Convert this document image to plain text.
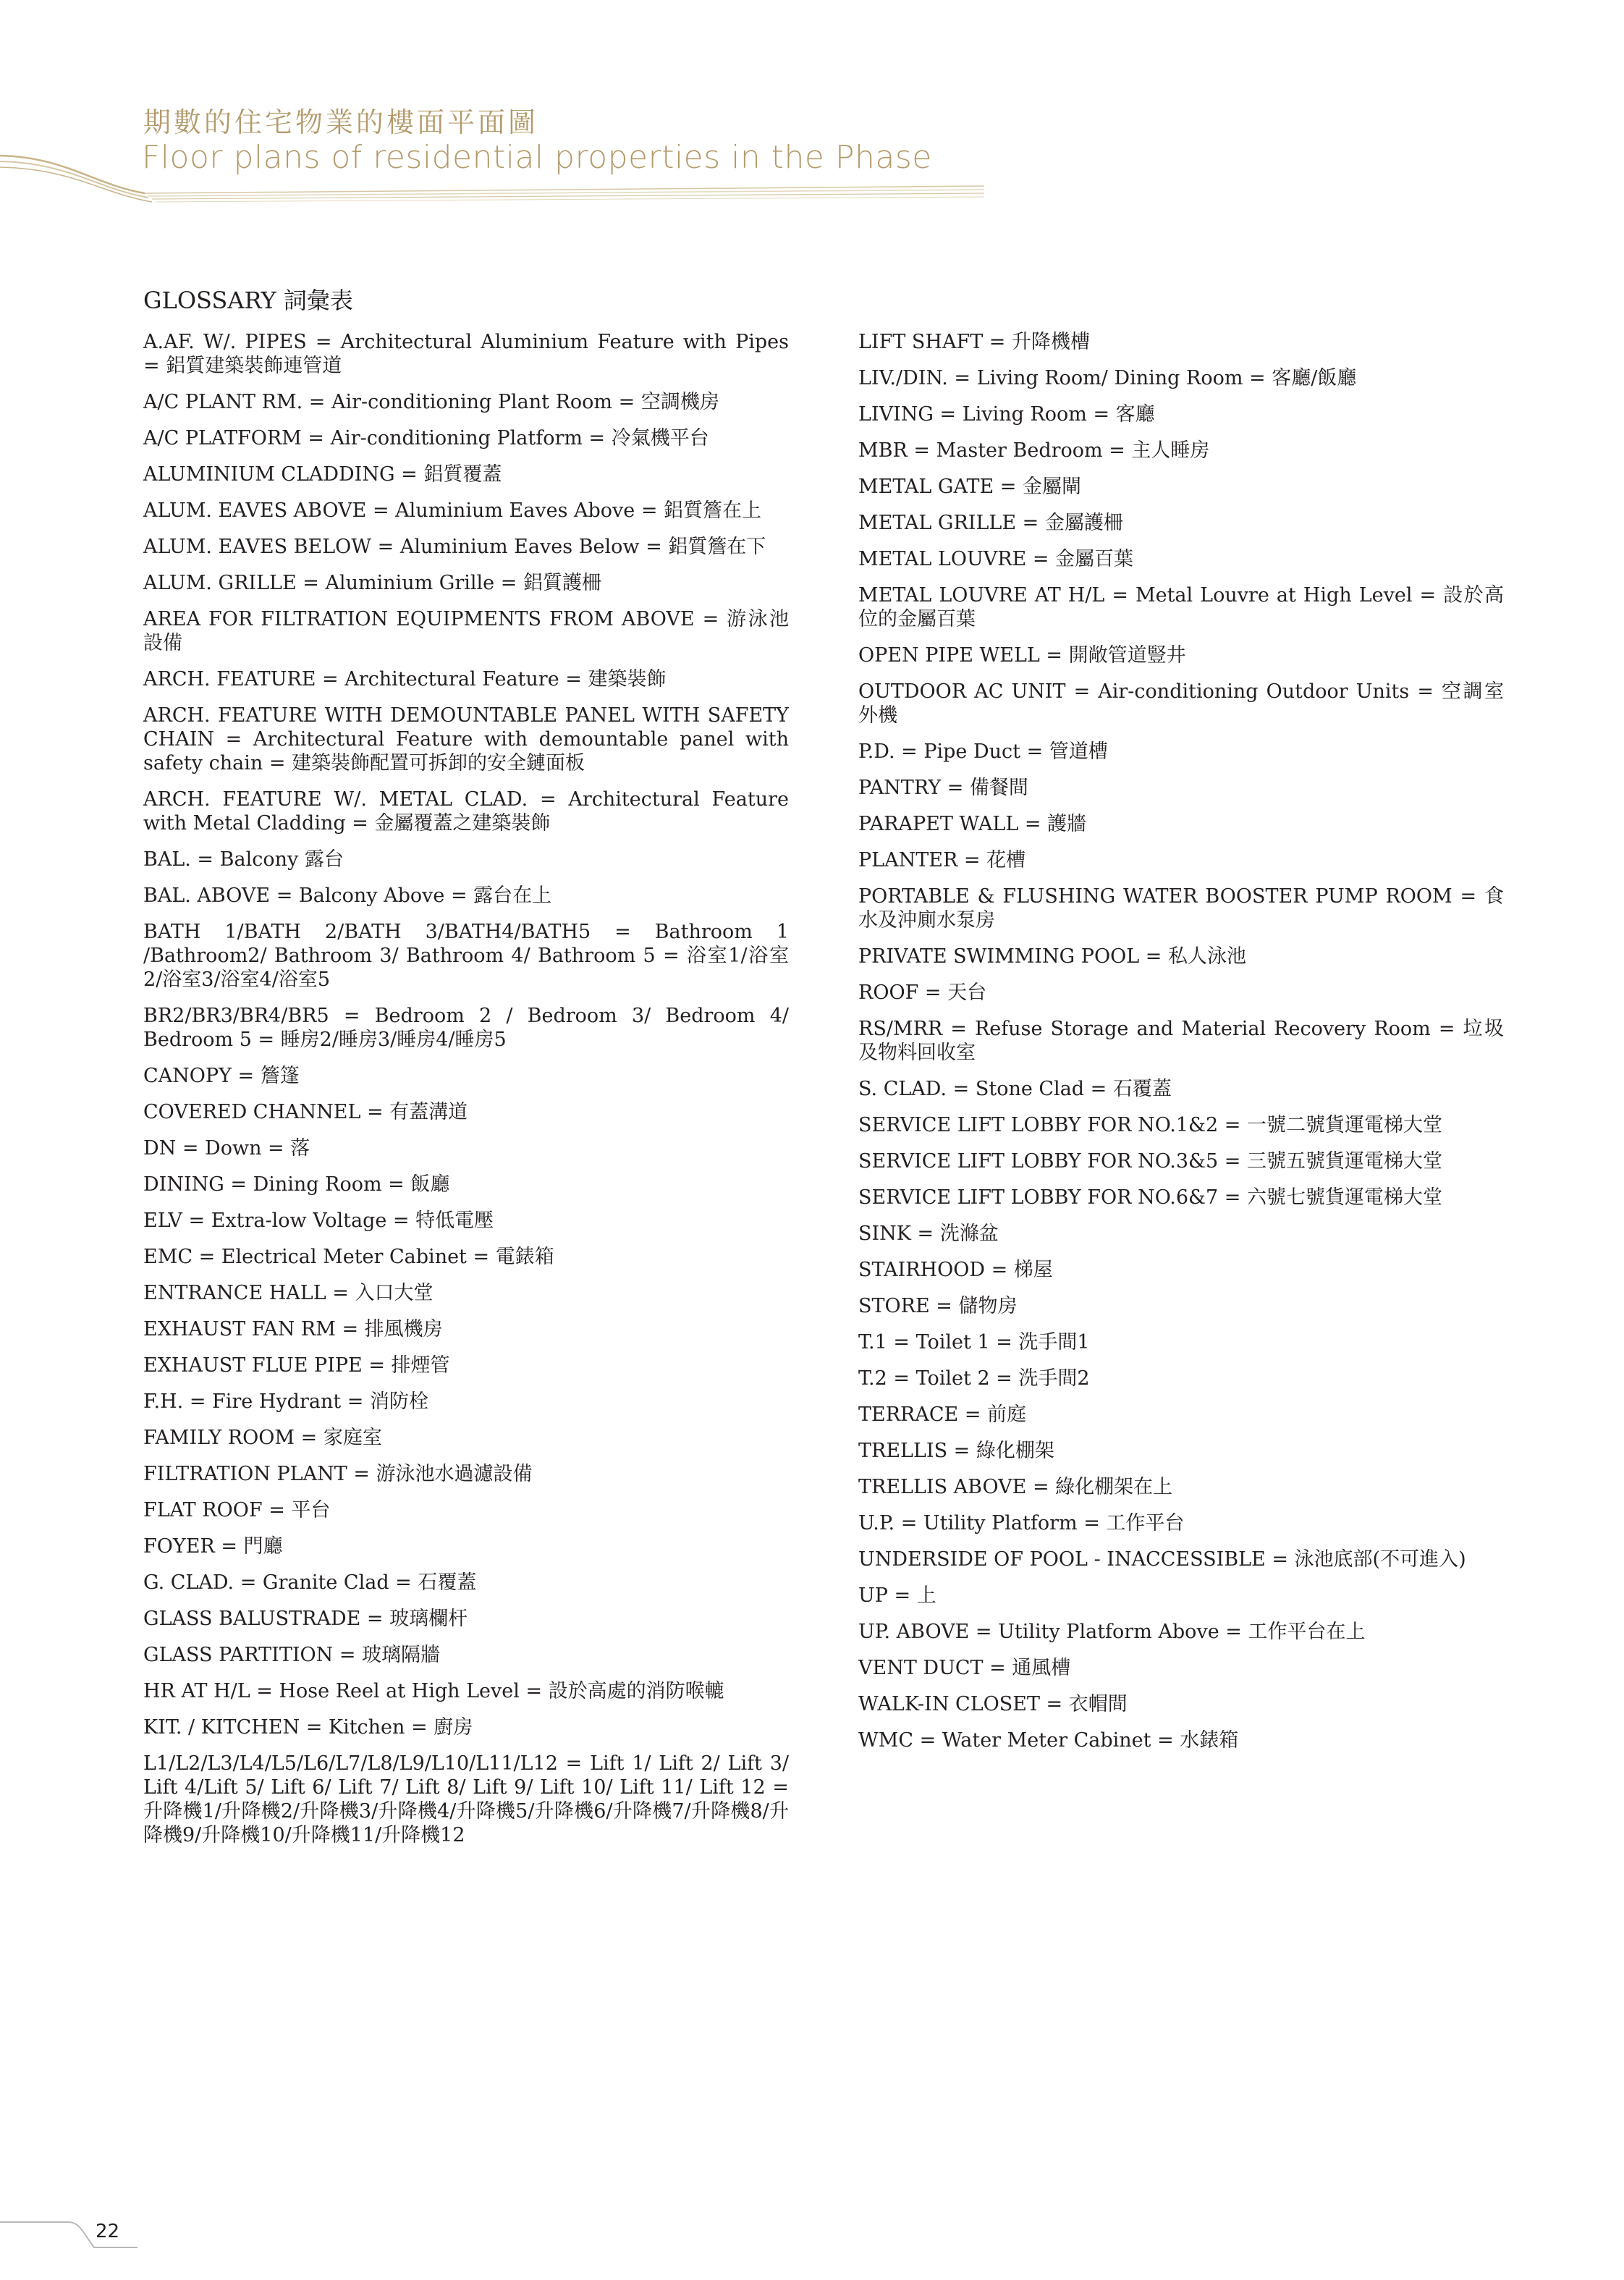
期數的住宅物業的樓面平面圖
Floor plans of residential properties in the Phase
GLOSSARY 詞彙表

A.AF. W/. PIPES = Architectural Aluminium Feature with Pipes = 鋁質建築裝飾連管道

A/C PLANT RM. = Air-conditioning Plant Room = 空調機房

A/C PLATFORM = Air-conditioning Platform = 冷氣機平台

ALUMINIUM CLADDING = 鋁質覆蓋

ALUM. EAVES ABOVE = Aluminium Eaves Above = 鋁質簷在上

ALUM. EAVES BELOW = Aluminium Eaves Below = 鋁質簷在下

ALUM. GRILLE = Aluminium Grille = 鋁質護柵

AREA FOR FILTRATION EQUIPMENTS FROM ABOVE = 游泳池設備

ARCH. FEATURE = Architectural Feature = 建築裝飾

ARCH. FEATURE WITH DEMOUNTABLE PANEL WITH SAFETY CHAIN = Architectural Feature with demountable panel with safety chain = 建築裝飾配置可拆卸的安全鏈面板

ARCH. FEATURE W/. METAL CLAD. = Architectural Feature with Metal Cladding = 金屬覆蓋之建築裝飾

BAL. = Balcony 露台

BAL. ABOVE = Balcony Above = 露台在上

BATH 1/BATH 2/BATH 3/BATH4/BATH5 = Bathroom 1 /Bathroom2/ Bathroom 3/ Bathroom 4/ Bathroom 5 = 浴室1/浴室2/浴室3/浴室4/浴室5

BR2/BR3/BR4/BR5 = Bedroom 2 / Bedroom 3/ Bedroom 4/ Bedroom 5 = 睡房2/睡房3/睡房4/睡房5

CANOPY = 簷篷

COVERED CHANNEL = 有蓋溝道

DN = Down = 落

DINING = Dining Room = 飯廳

ELV = Extra-low Voltage = 特低電壓

EMC = Electrical Meter Cabinet = 電錶箱

ENTRANCE HALL = 入口大堂

EXHAUST FAN RM = 排風機房

EXHAUST FLUE PIPE = 排煙管

F.H. = Fire Hydrant = 消防栓

FAMILY ROOM = 家庭室

FILTRATION PLANT = 游泳池水過濾設備

FLAT ROOF = 平台

FOYER = 門廳

G. CLAD. = Granite Clad = 石覆蓋

GLASS BALUSTRADE = 玻璃欄杆

GLASS PARTITION = 玻璃隔牆

HR AT H/L = Hose Reel at High Level = 設於高處的消防喉轆

KIT. / KITCHEN = Kitchen = 廚房

L1/L2/L3/L4/L5/L6/L7/L8/L9/L10/L11/L12 = Lift 1/ Lift 2/ Lift 3/ Lift 4/Lift 5/ Lift 6/ Lift 7/ Lift 8/ Lift 9/ Lift 10/ Lift 11/ Lift 12 = 升降機1/升降機2/升降機3/升降機4/升降機5/升降機6/升降機7/升降機8/升降機9/升降機10/升降機11/升降機12

LIFT SHAFT = 升降機槽

LIV./DIN. = Living Room/ Dining Room = 客廳/飯廳

LIVING = Living Room = 客廳

MBR = Master Bedroom = 主人睡房

METAL GATE = 金屬閘

METAL GRILLE = 金屬護柵

METAL LOUVRE = 金屬百葉

METAL LOUVRE AT H/L = Metal Louvre at High Level = 設於高位的金屬百葉

OPEN PIPE WELL = 開敞管道豎井

OUTDOOR AC UNIT = Air-conditioning Outdoor Units = 空調室外機

P.D. = Pipe Duct = 管道槽

PANTRY = 備餐間

PARAPET WALL = 護牆

PLANTER = 花槽

PORTABLE & FLUSHING WATER BOOSTER PUMP ROOM = 食水及沖廁水泵房

PRIVATE SWIMMING POOL = 私人泳池

ROOF = 天台

RS/MRR = Refuse Storage and Material Recovery Room = 垃圾及物料回收室

S. CLAD. = Stone Clad = 石覆蓋

SERVICE LIFT LOBBY FOR NO.1&2 = 一號二號貨運電梯大堂

SERVICE LIFT LOBBY FOR NO.3&5 = 三號五號貨運電梯大堂

SERVICE LIFT LOBBY FOR NO.6&7 = 六號七號貨運電梯大堂

SINK = 洗滌盆

STAIRHOOD = 梯屋

STORE = 儲物房

T.1 = Toilet 1 = 洗手間1

T.2 = Toilet 2 = 洗手間2

TERRACE = 前庭

TRELLIS = 綠化棚架

TRELLIS ABOVE = 綠化棚架在上

U.P. = Utility Platform = 工作平台

UNDERSIDE OF POOL - INACCESSIBLE = 泳池底部(不可進入)

UP = 上

UP. ABOVE = Utility Platform Above = 工作平台在上

VENT DUCT = 通風槽

WALK-IN CLOSET = 衣帽間

WMC = Water Meter Cabinet = 水錶箱

22
